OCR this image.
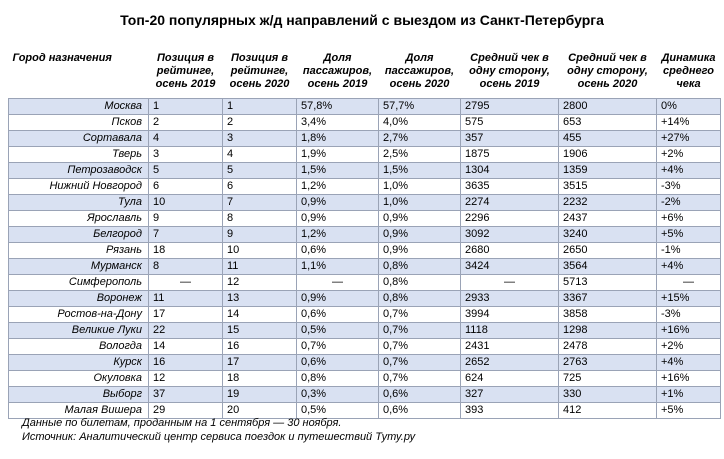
Топ-20 популярных ж/д направлений с выездом из Санкт-Петербурга
Город назначения	Позиция в рейтинге, осень 2019	Позиция в рейтинге, осень 2020	Доля пассажиров, осень 2019	Доля пассажиров, осень 2020	Средний чек в одну сторону, осень 2019	Средний чек в одну сторону, осень 2020	Динамика среднего чека
Москва	1	1	57,8%	57,7%	2795	2800	0%
Псков	2	2	3,4%	4,0%	575	653	+14%
Сортавала	4	3	1,8%	2,7%	357	455	+27%
Тверь	3	4	1,9%	2,5%	1875	1906	+2%
Петрозаводск	5	5	1,5%	1,5%	1304	1359	+4%
Нижний Новгород	6	6	1,2%	1,0%	3635	3515	-3%
Тула	10	7	0,9%	1,0%	2274	2232	-2%
Ярославль	9	8	0,9%	0,9%	2296	2437	+6%
Белгород	7	9	1,2%	0,9%	3092	3240	+5%
Рязань	18	10	0,6%	0,9%	2680	2650	-1%
Мурманск	8	11	1,1%	0,8%	3424	3564	+4%
Симферополь	—	12	—	0,8%	—	5713	—
Воронеж	11	13	0,9%	0,8%	2933	3367	+15%
Ростов-на-Дону	17	14	0,6%	0,7%	3994	3858	-3%
Великие Луки	22	15	0,5%	0,7%	1118	1298	+16%
Вологда	14	16	0,7%	0,7%	2431	2478	+2%
Курск	16	17	0,6%	0,7%	2652	2763	+4%
Окуловка	12	18	0,8%	0,7%	624	725	+16%
Выборг	37	19	0,3%	0,6%	327	330	+1%
Малая Вишера	29	20	0,5%	0,6%	393	412	+5%
Данные по билетам, проданным на 1 сентября — 30 ноября.
Источник: Аналитический центр сервиса поездок и путешествий Туту.ру
